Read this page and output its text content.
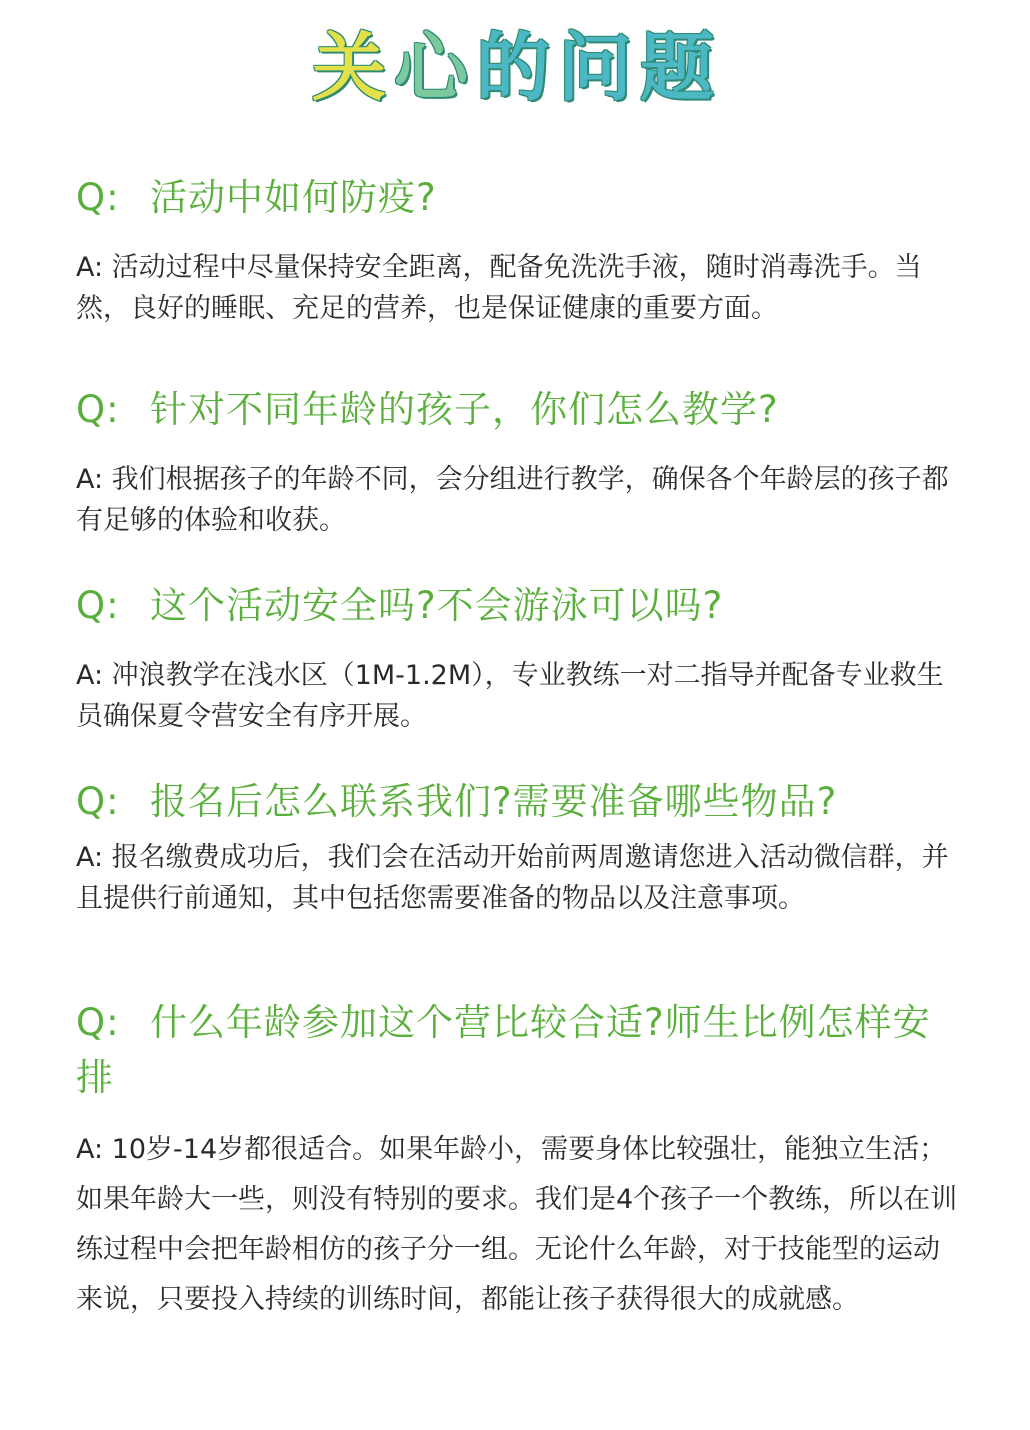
关心的问题

Q: 活动中如何防疫?

A: 活动过程中尽量保持安全距离，配备免洗洗手液，随时消毒洗手。当然，良好的睡眠、充足的营养，也是保证健康的重要方面。

Q: 针对不同年龄的孩子，你们怎么教学?

A: 我们根据孩子的年龄不同，会分组进行教学，确保各个年龄层的孩子都有足够的体验和收获。

Q: 这个活动安全吗?不会游泳可以吗?

A: 冲浪教学在浅水区（1M-1.2M），专业教练一对二指导并配备专业救生员确保夏令营安全有序开展。

Q: 报名后怎么联系我们?需要准备哪些物品?

A: 报名缴费成功后，我们会在活动开始前两周邀请您进入活动微信群，并且提供行前通知，其中包括您需要准备的物品以及注意事项。

Q: 什么年龄参加这个营比较合适?师生比例怎样安排

A: 10岁-14岁都很适合。如果年龄小，需要身体比较强壮，能独立生活；如果年龄大一些，则没有特别的要求。我们是4个孩子一个教练，所以在训练过程中会把年龄相仿的孩子分一组。无论什么年龄，对于技能型的运动来说，只要投入持续的训练时间，都能让孩子获得很大的成就感。
